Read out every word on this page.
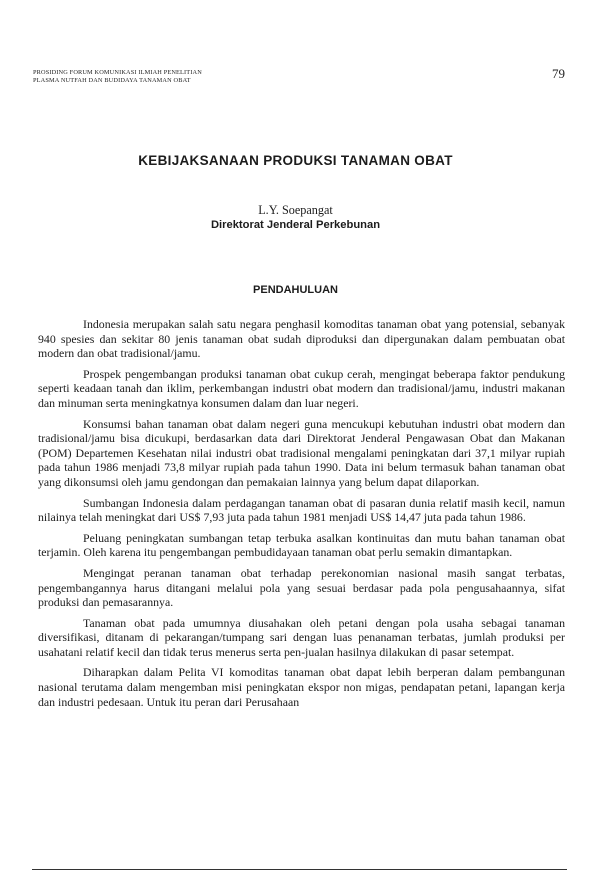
PROSIDING FORUM KOMUNIKASI ILMIAH PENELITIAN
PLASMA NUTFAH DAN BUDIDAYA TANAMAN OBAT	79
KEBIJAKSANAAN PRODUKSI TANAMAN OBAT
L.Y. Soepangat
Direktorat Jenderal Perkebunan
PENDAHULUAN

Indonesia merupakan salah satu negara penghasil komoditas tanaman obat yang potensial, sebanyak 940 spesies dan sekitar 80 jenis tanaman obat sudah diproduksi dan dipergunakan dalam pembuatan obat modern dan obat tradisional/jamu.

Prospek pengembangan produksi tanaman obat cukup cerah, mengingat beberapa faktor pendukung seperti keadaan tanah dan iklim, perkembangan industri obat modern dan tradisional/jamu, industri makanan dan minuman serta meningkatnya konsumen dalam dan luar negeri.

Konsumsi bahan tanaman obat dalam negeri guna mencukupi kebutuhan industri obat modern dan tradisional/jamu bisa dicukupi, berdasarkan data dari Direktorat Jenderal Pengawasan Obat dan Makanan (POM) Departemen Kesehatan nilai industri obat tradisional mengalami peningkatan dari 37,1 milyar rupiah pada tahun 1986 menjadi 73,8 milyar rupiah pada tahun 1990. Data ini belum termasuk bahan tanaman obat yang dikonsumsi oleh jamu gendongan dan pemakaian lainnya yang belum dapat dilaporkan.

Sumbangan Indonesia dalam perdagangan tanaman obat di pasaran dunia relatif masih kecil, namun nilainya telah meningkat dari US$ 7,93 juta pada tahun 1981 menjadi US$ 14,47 juta pada tahun 1986.

Peluang peningkatan sumbangan tetap terbuka asalkan kontinuitas dan mutu bahan tanaman obat terjamin. Oleh karena itu pengembangan pembudidayaan tanaman obat perlu semakin dimantapkan.

Mengingat peranan tanaman obat terhadap perekonomian nasional masih sangat terbatas, pengembangannya harus ditangani melalui pola yang sesuai berdasar pada pola pengusahaannya, sifat produksi dan pemasarannya.

Tanaman obat pada umumnya diusahakan oleh petani dengan pola usaha sebagai tanaman diversifikasi, ditanam di pekarangan/tumpang sari dengan luas penanaman terbatas, jumlah produksi per usahatani relatif kecil dan tidak terus menerus serta pen-jualan hasilnya dilakukan di pasar setempat.

Diharapkan dalam Pelita VI komoditas tanaman obat dapat lebih berperan dalam pembangunan nasional terutama dalam mengemban misi peningkatan ekspor non migas, pendapatan petani, lapangan kerja dan industri pedesaan. Untuk itu peran dari Perusahaan
